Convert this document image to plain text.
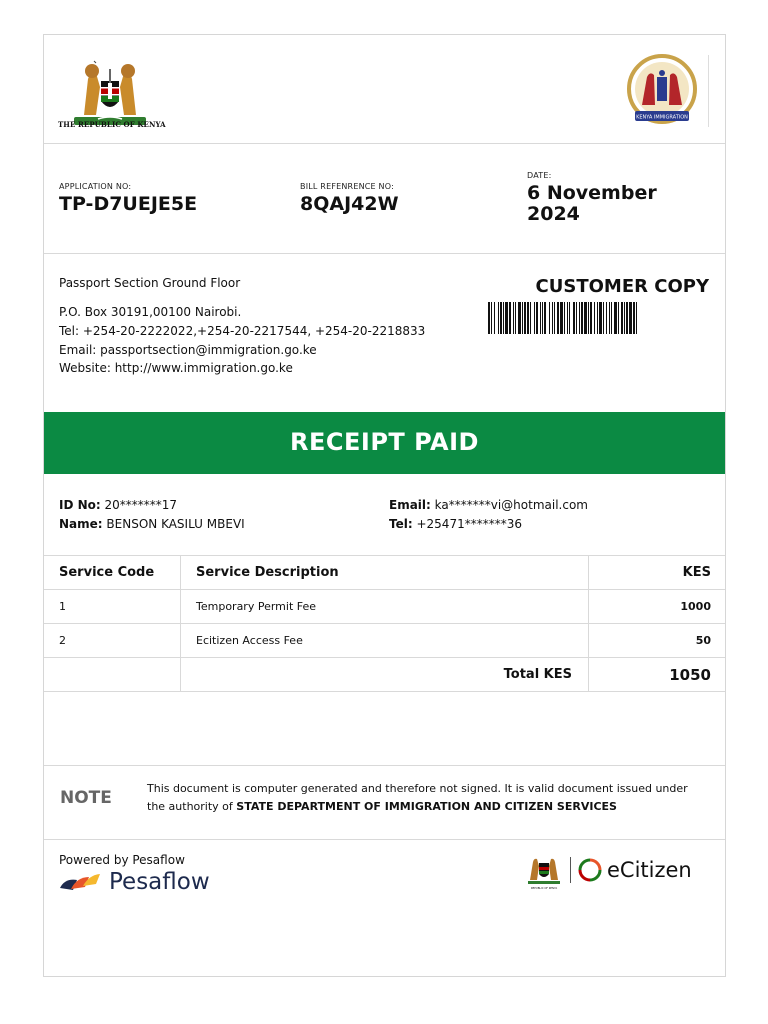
THE REPUBLIC OF KENYA
KENYA IMMIGRATION
APPLICATION NO:
TP-D7UEJE5E
BILL REFENRENCE NO:
8QAJ42W
DATE:
6 November
2024
Passport Section Ground Floor
P.O. Box 30191,00100 Nairobi.
Tel: +254-20-2222022,+254-20-2217544, +254-20-2218833
Email: passportsection@immigration.go.ke
Website: http://www.immigration.go.ke
CUSTOMER COPY
RECEIPT PAID
ID No: 20*******17
Name: BENSON KASILU MBEVI
Email: ka*******vi@hotmail.com
Tel: +25471*******36
Service Code	Service Description	KES
1	Temporary Permit Fee	1000
2	Ecitizen Access Fee	50
Total KES	1050
NOTE	This document is computer generated and therefore not signed. It is valid document issued under the authority of STATE DEPARTMENT OF IMMIGRATION AND CITIZEN SERVICES
Powered by Pesaflow
Pesaflow	REPUBLIC OF KENYA
eCitizen
